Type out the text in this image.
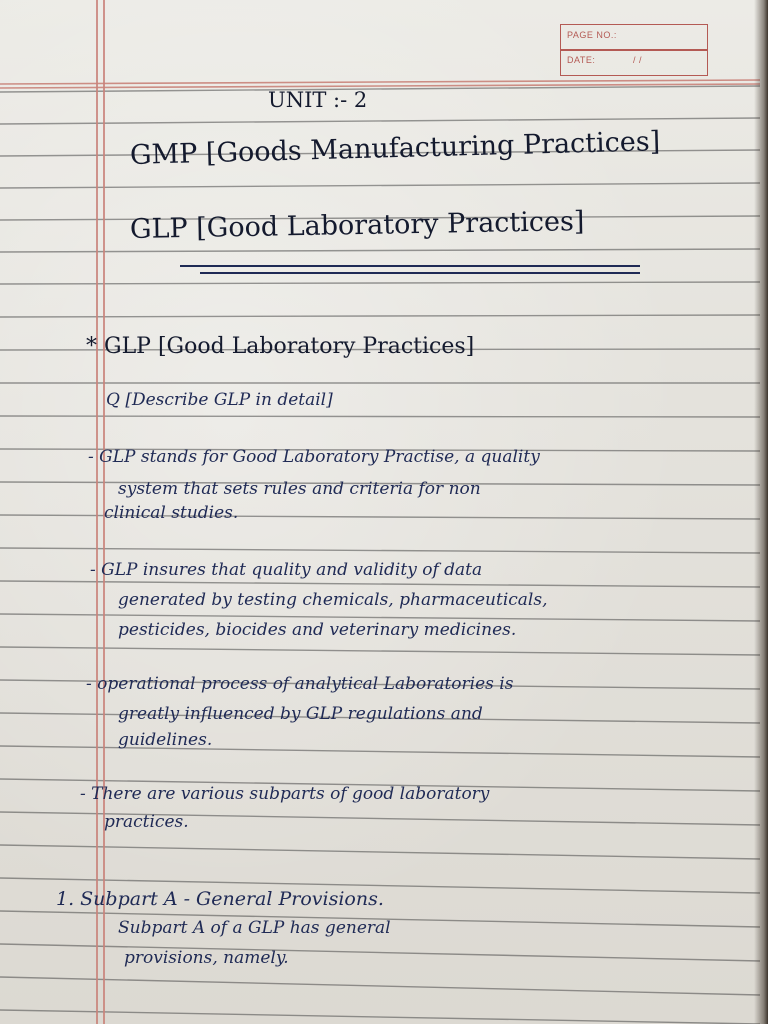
PAGE NO.:
DATE:	/ /
UNIT :- 2
GMP [Goods Manufacturing Practices]
GLP [Good Laboratory Practices]
* GLP [Good Laboratory Practices]
Q [Describe GLP in detail]
- GLP stands for Good Laboratory Practise, a quality
system that sets rules and criteria for non
clinical studies.
- GLP insures that quality and validity of data
generated by testing chemicals, pharmaceuticals,
pesticides, biocides and veterinary medicines.
- operational process of analytical Laboratories is
greatly influenced by GLP regulations and
guidelines.
- There are various subparts of good laboratory
practices.
1. Subpart A - General Provisions.
Subpart A of a GLP has general
provisions, namely.
